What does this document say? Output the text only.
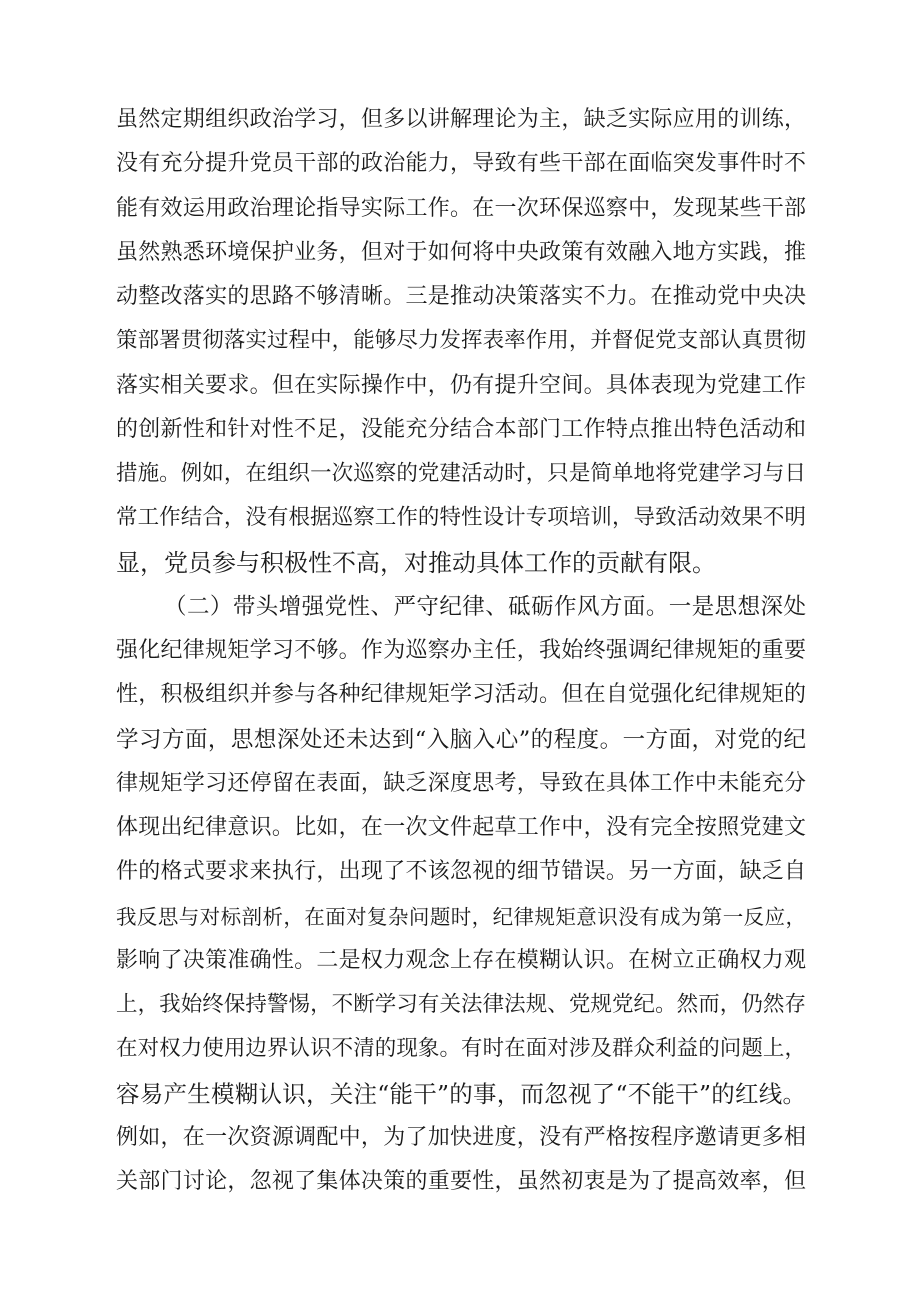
虽然定期组织政治学习，但多以讲解理论为主，缺乏实际应用的训练，
没有充分提升党员干部的政治能力，导致有些干部在面临突发事件时不
能有效运用政治理论指导实际工作。在一次环保巡察中，发现某些干部
虽然熟悉环境保护业务，但对于如何将中央政策有效融入地方实践，推
动整改落实的思路不够清晰。三是推动决策落实不力。在推动党中央决
策部署贯彻落实过程中，能够尽力发挥表率作用，并督促党支部认真贯彻
落实相关要求。但在实际操作中，仍有提升空间。具体表现为党建工作
的创新性和针对性不足，没能充分结合本部门工作特点推出特色活动和
措施。例如，在组织一次巡察的党建活动时，只是简单地将党建学习与日
常工作结合，没有根据巡察工作的特性设计专项培训，导致活动效果不明
显，党员参与积极性不高，对推动具体工作的贡献有限。
（二）带头增强党性、严守纪律、砥砺作风方面。一是思想深处
强化纪律规矩学习不够。作为巡察办主任，我始终强调纪律规矩的重要
性，积极组织并参与各种纪律规矩学习活动。但在自觉强化纪律规矩的
学习方面，思想深处还未达到“入脑入心”的程度。一方面，对党的纪
律规矩学习还停留在表面，缺乏深度思考，导致在具体工作中未能充分
体现出纪律意识。比如，在一次文件起草工作中，没有完全按照党建文
件的格式要求来执行，出现了不该忽视的细节错误。另一方面，缺乏自
我反思与对标剖析，在面对复杂问题时，纪律规矩意识没有成为第一反应，
影响了决策准确性。二是权力观念上存在模糊认识。在树立正确权力观
上，我始终保持警惕，不断学习有关法律法规、党规党纪。然而，仍然存
在对权力使用边界认识不清的现象。有时在面对涉及群众利益的问题上，
容易产生模糊认识，关注“能干”的事，而忽视了“不能干”的红线。
例如，在一次资源调配中，为了加快进度，没有严格按程序邀请更多相
关部门讨论，忽视了集体决策的重要性，虽然初衷是为了提高效率，但
